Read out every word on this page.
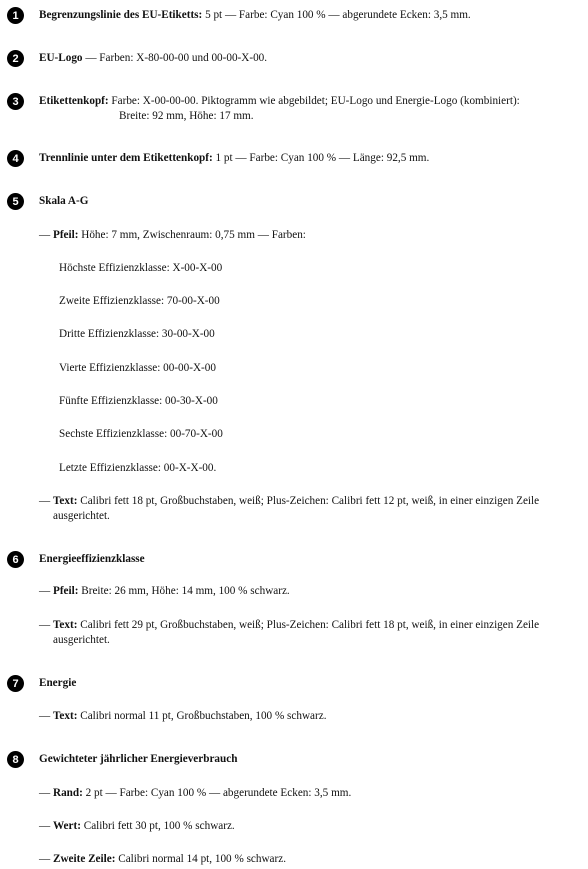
1	Begrenzungslinie des EU-Etiketts: 5 pt — Farbe: Cyan 100 % — abgerundete Ecken: 3,5 mm.
2	EU-Logo — Farben: X-80-00-00 und 00-00-X-00.
3	Etikettenkopf: Farbe: X-00-00-00. Piktogramm wie abgebildet; EU-Logo und Energie-Logo (kombiniert):
Breite: 92 mm, Höhe: 17 mm.
4	Trennlinie unter dem Etikettenkopf: 1 pt — Farbe: Cyan 100 % — Länge: 92,5 mm.
5	Skala A-G
— Pfeil: Höhe: 7 mm, Zwischenraum: 0,75 mm — Farben:
Höchste Effizienzklasse: X-00-X-00
Zweite Effizienzklasse: 70-00-X-00
Dritte Effizienzklasse: 30-00-X-00
Vierte Effizienzklasse: 00-00-X-00
Fünfte Effizienzklasse: 00-30-X-00
Sechste Effizienzklasse: 00-70-X-00
Letzte Effizienzklasse: 00-X-X-00.
— Text: Calibri fett 18 pt, Großbuchstaben, weiß; Plus-Zeichen: Calibri fett 12 pt, weiß, in einer einzigen Zeile ausgerichtet.
6	Energieeffizienzklasse
— Pfeil: Breite: 26 mm, Höhe: 14 mm, 100 % schwarz.
— Text: Calibri fett 29 pt, Großbuchstaben, weiß; Plus-Zeichen: Calibri fett 18 pt, weiß, in einer einzigen Zeile ausgerichtet.
7	Energie
— Text: Calibri normal 11 pt, Großbuchstaben, 100 % schwarz.
8	Gewichteter jährlicher Energieverbrauch
— Rand: 2 pt — Farbe: Cyan 100 % — abgerundete Ecken: 3,5 mm.
— Wert: Calibri fett 30 pt, 100 % schwarz.
— Zweite Zeile: Calibri normal 14 pt, 100 % schwarz.
